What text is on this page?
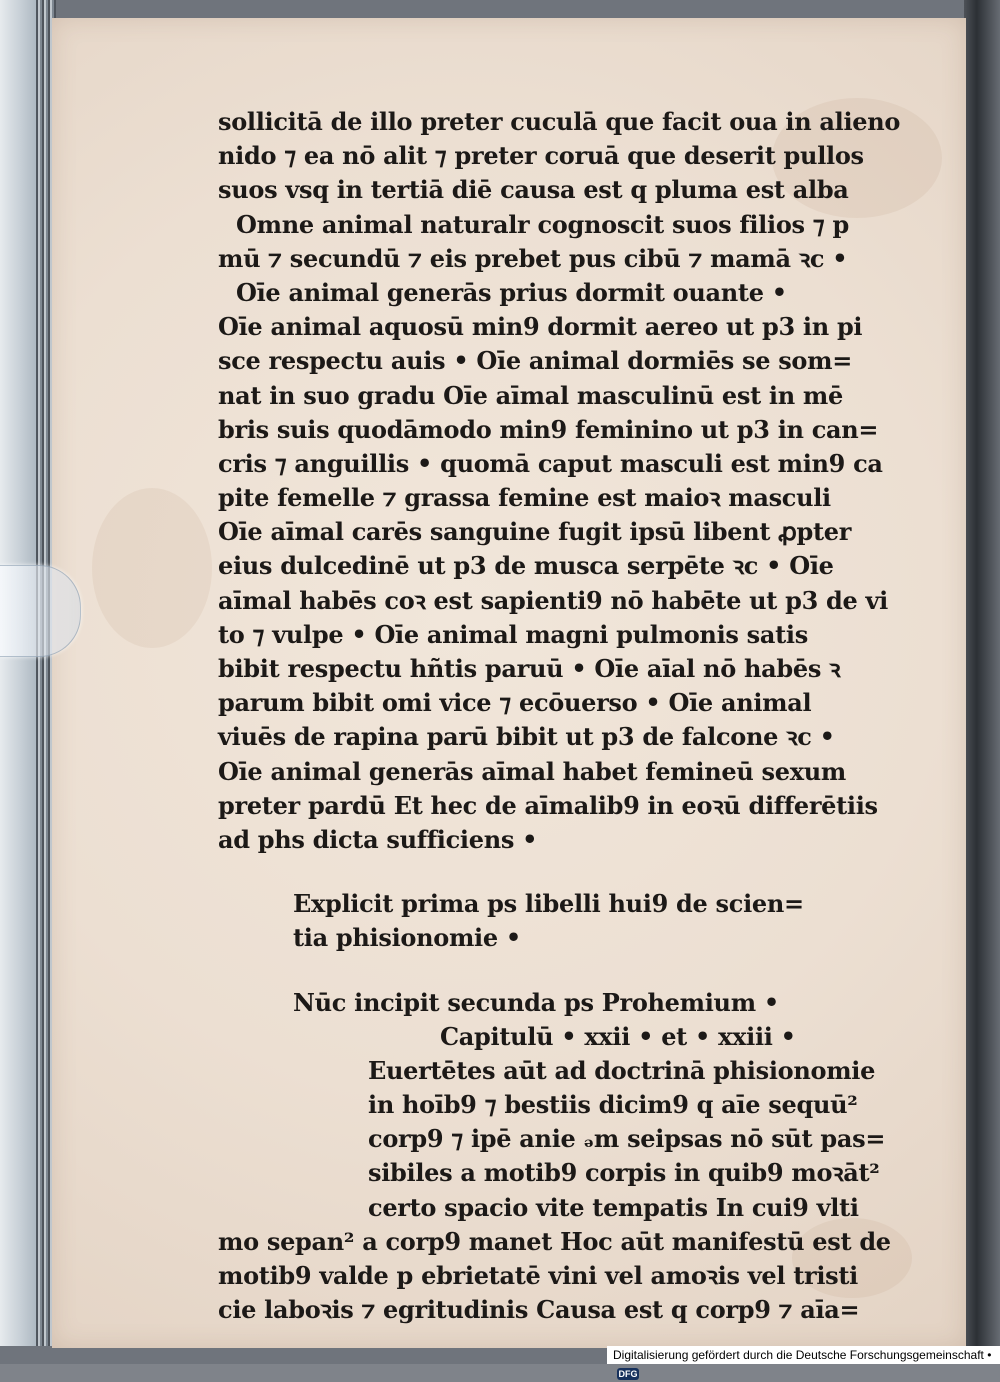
sollicitā de illo preter cuculā que facit oua in alieno
nido ⁊ ea nō alit ⁊ preter coruā que deserit pullos
suos vsq in tertiā diē causa est q pluma est alba
Omne animal naturalr cognoscit suos filios ⁊ p
mū ⁊ secundū ⁊ eis prebet pus cibū ⁊ mamā ꝛc •
Oīe animal generās prius dormit ouante •
Oīe animal aquosū min9 dormit aereo ut p3 in pi
sce respectu auis • Oīe animal dormiēs se som=
nat in suo gradu Oīe aīmal masculinū est in mē
bris suis quodāmodo min9 feminino ut p3 in can=
cris ⁊ anguillis • quomā caput masculi est min9 ca
pite femelle ⁊ grassa femine est maioꝛ masculi
Oīe aīmal carēs sanguine fugit ipsū libent ꝓpter
eius dulcedinē ut p3 de musca serpēte ꝛc • Oīe
aīmal habēs coꝛ est sapienti9 nō habēte ut p3 de vi
to ⁊ vulpe • Oīe animal magni pulmonis satis
bibit respectu hñtis paruū • Oīe aīal nō habēs ꝛ
parum bibit omi vice ⁊ ecōuerso • Oīe animal
viuēs de rapina parū bibit ut p3 de falcone ꝛc •
Oīe animal generās aīmal habet femineū sexum
preter pardū Et hec de aīmalib9 in eoꝛū differētiis
ad phs dicta sufficiens •
Explicit prima ps libelli hui9 de scien=
tia phisionomie •
Nūc incipit secunda ps Prohemium •
Capitulū • xxii • et • xxiii •
Euertētes aūt ad doctrinā phisionomie
in hoīb9 ⁊ bestiis dicim9 q aīe sequū²
corp9 ⁊ ipē anie ₔm seipsas nō sūt pas=
sibiles a motib9 corpis in quib9 moꝛāt²
certo spacio vite tempatis In cui9 vlti
mo sepan² a corp9 manet Hoc aūt manifestū est de
motib9 valde p ebrietatē vini vel amoꝛis vel tristi
cie laboꝛis ⁊ egritudinis Causa est q corp9 ⁊ aīa=
Digitalisierung gefördert durch die Deutsche Forschungsgemeinschaft • DFG
